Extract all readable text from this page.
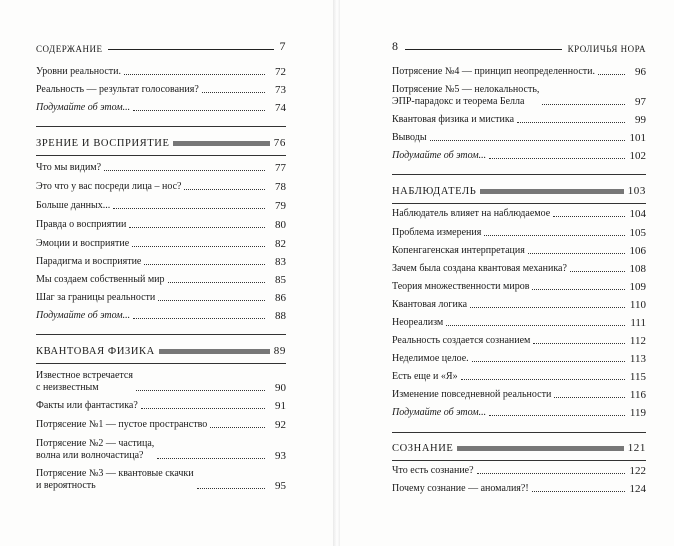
СОДЕРЖАНИЕ	7
Уровни реальности.	72
Реальность — результат голосования?	73
Подумайте об этом...	74
ЗРЕНИЕ И ВОСПРИЯТИЕ	76
Что мы видим?	77
Это что у вас посреди лица – нос?	78
Больше данных...	79
Правда о восприятии	80
Эмоции и восприятие	82
Парадигма и восприятие	83
Мы создаем собственный мир	85
Шаг за границы реальности	86
Подумайте об этом...	88
КВАНТОВАЯ ФИЗИКА	89
Известное встречается
с неизвестным	90
Факты или фантастика?	91
Потрясение №1 — пустое пространство	92
Потрясение №2 — частица,
волна или волночастица?	93
Потрясение №3 — квантовые скачки
и вероятность	95
8	КРОЛИЧЬЯ НОРА
Потрясение №4 — принцип неопределенности.	96
Потрясение №5 — нелокальность,
ЭПР-парадокс и теорема Белла	97
Квантовая физика и мистика	99
Выводы	101
Подумайте об этом...	102
НАБЛЮДАТЕЛЬ	103
Наблюдатель влияет на наблюдаемое	104
Проблема измерения	105
Копенгагенская интерпретация	106
Зачем была создана квантовая механика?	108
Теория множественности миров	109
Квантовая логика	110
Неореализм	111
Реальность создается сознанием	112
Неделимое целое.	113
Есть еще и «Я»	115
Изменение повседневной реальности	116
Подумайте об этом...	119
СОЗНАНИЕ	121
Что есть сознание?	122
Почему сознание — аномалия?!	124
